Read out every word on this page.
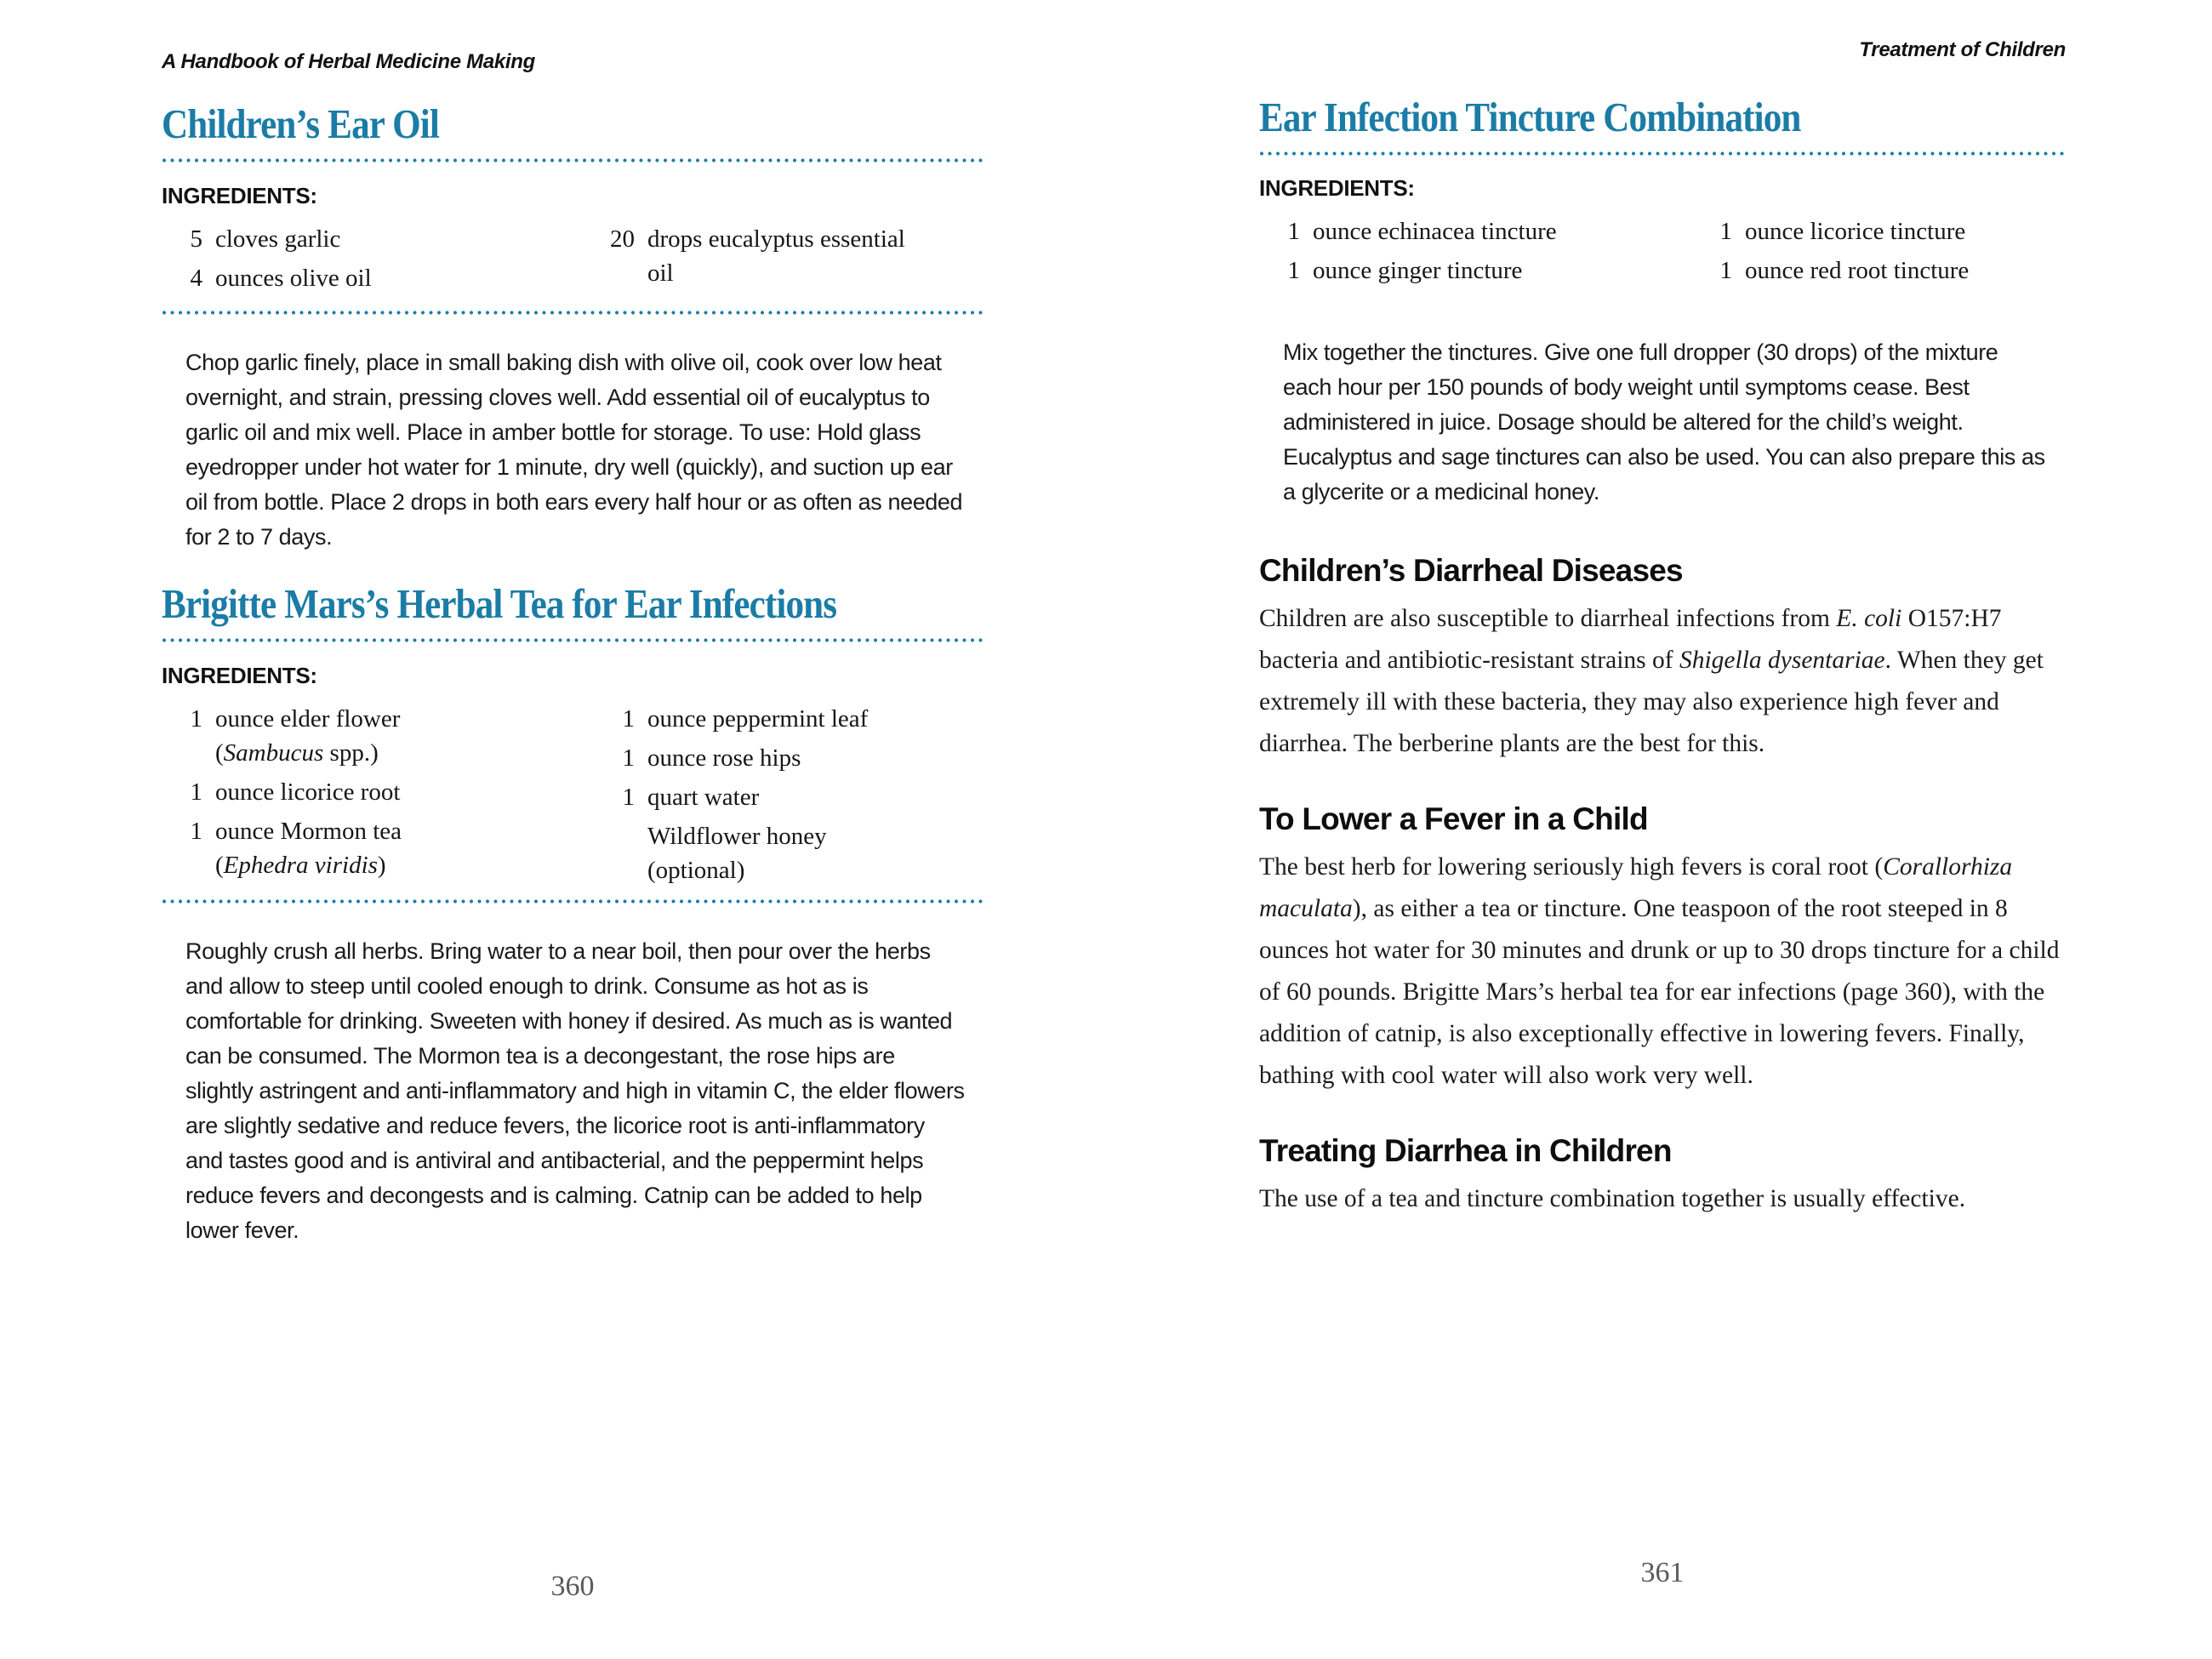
A Handbook of Herbal Medicine Making
Children’s Ear Oil
INGREDIENTS:
5 cloves garlic
4 ounces olive oil
20 drops eucalyptus essential oil
Chop garlic finely, place in small baking dish with olive oil, cook over low heat overnight, and strain, pressing cloves well. Add essential oil of eucalyptus to garlic oil and mix well. Place in amber bottle for storage. To use: Hold glass eyedropper under hot water for 1 minute, dry well (quickly), and suction up ear oil from bottle. Place 2 drops in both ears every half hour or as often as needed for 2 to 7 days.
Brigitte Mars’s Herbal Tea for Ear Infections
INGREDIENTS:
1 ounce elder flower (Sambucus spp.)
1 ounce licorice root
1 ounce Mormon tea (Ephedra viridis)
1 ounce peppermint leaf
1 ounce rose hips
1 quart water
Wildflower honey (optional)
Roughly crush all herbs. Bring water to a near boil, then pour over the herbs and allow to steep until cooled enough to drink. Consume as hot as is comfortable for drinking. Sweeten with honey if desired. As much as is wanted can be consumed. The Mormon tea is a decongestant, the rose hips are slightly astringent and anti-inflammatory and high in vitamin C, the elder flowers are slightly sedative and reduce fevers, the licorice root is anti-inflammatory and tastes good and is antiviral and antibacterial, and the peppermint helps reduce fevers and decongests and is calming. Catnip can be added to help lower fever.
360
Treatment of Children
Ear Infection Tincture Combination
INGREDIENTS:
1 ounce echinacea tincture
1 ounce ginger tincture
1 ounce licorice tincture
1 ounce red root tincture
Mix together the tinctures. Give one full dropper (30 drops) of the mixture each hour per 150 pounds of body weight until symptoms cease. Best administered in juice. Dosage should be altered for the child’s weight. Eucalyptus and sage tinctures can also be used. You can also prepare this as a glycerite or a medicinal honey.
Children’s Diarrheal Diseases
Children are also susceptible to diarrheal infections from E. coli O157:H7 bacteria and antibiotic-resistant strains of Shigella dysentariae. When they get extremely ill with these bacteria, they may also experience high fever and diarrhea. The berberine plants are the best for this.
To Lower a Fever in a Child
The best herb for lowering seriously high fevers is coral root (Corallorhiza maculata), as either a tea or tincture. One teaspoon of the root steeped in 8 ounces hot water for 30 minutes and drunk or up to 30 drops tincture for a child of 60 pounds. Brigitte Mars’s herbal tea for ear infections (page 360), with the addition of catnip, is also exceptionally effective in lowering fevers. Finally, bathing with cool water will also work very well.
Treating Diarrhea in Children
The use of a tea and tincture combination together is usually effective.
361
